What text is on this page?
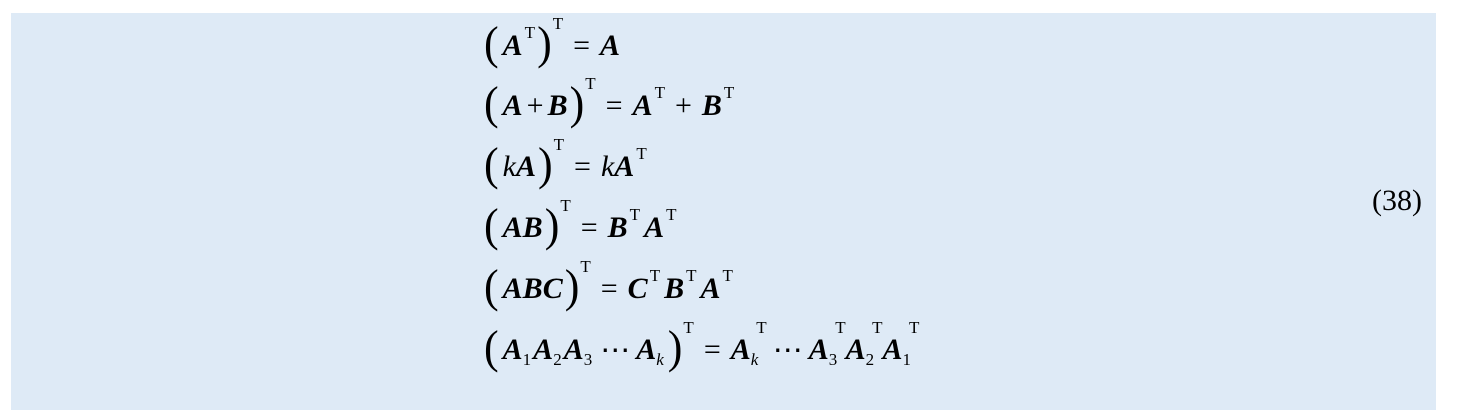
( A T ) T
= A
( A + B ) T
= A T + B T
( k A ) T
= k A T
( A B ) T
= B T A T
( A B C ) T
= C T B T A T
( A 1 A 2 A 3 ⋯ A k ) T
= A k
T
⋯ A 3
T
A 2
T
A 1
T
(38)
